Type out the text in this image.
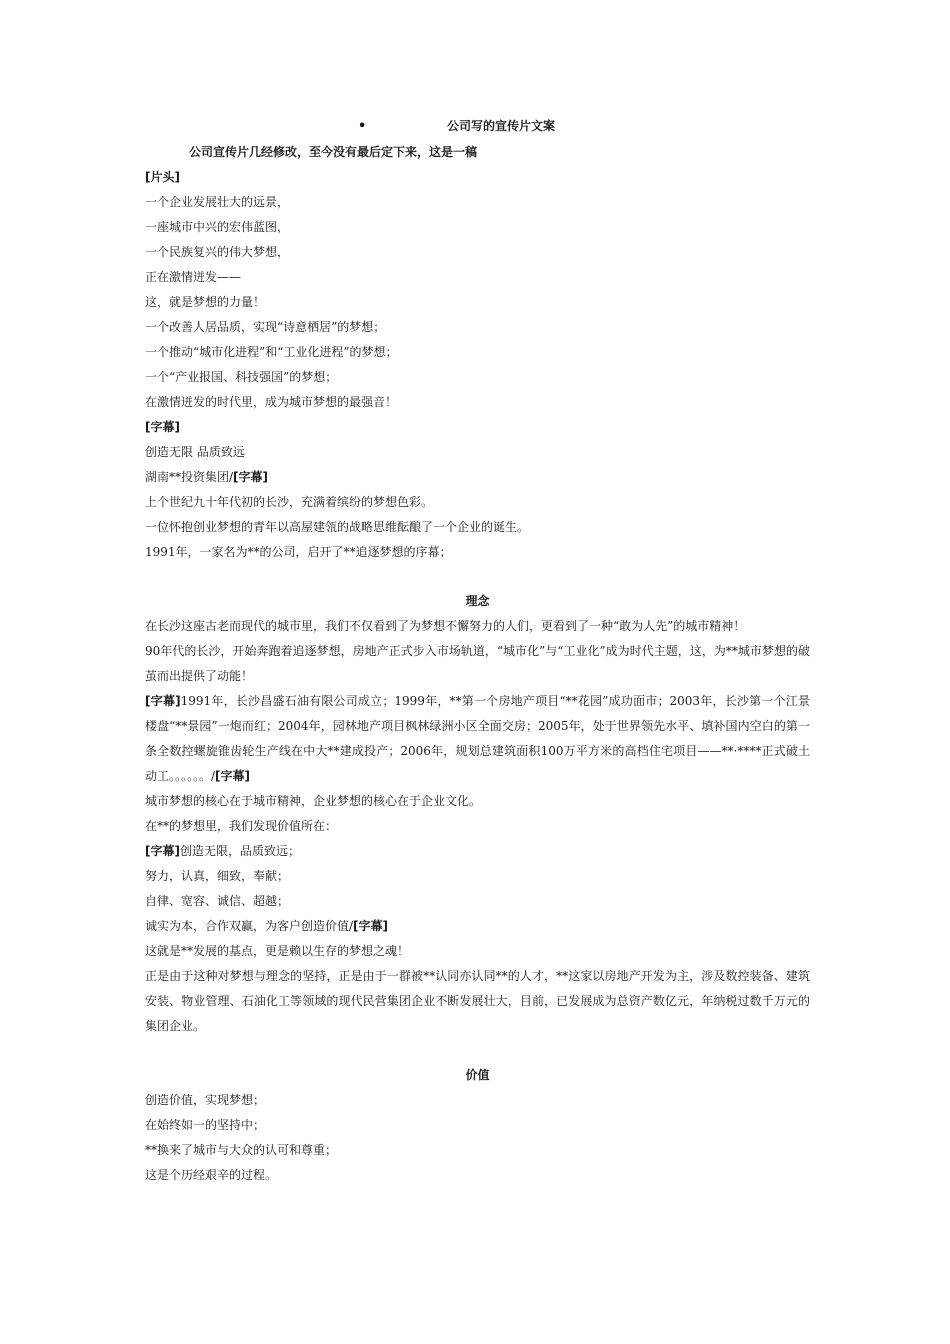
•	公司写的宣传片文案
公司宣传片几经修改，至今没有最后定下来，这是一稿
[片头]
一个企业发展壮大的远景，
一座城市中兴的宏伟蓝图，
一个民族复兴的伟大梦想，
正在激情迸发——
这，就是梦想的力量！
一个改善人居品质，实现“诗意栖居”的梦想；
一个推动“城市化进程”和“工业化进程”的梦想；
一个“产业报国、科技强国”的梦想；
在激情迸发的时代里，成为城市梦想的最强音！
[字幕]
创造无限 品质致远
湖南**投资集团/[字幕]
上个世纪九十年代初的长沙，充满着缤纷的梦想色彩。
一位怀抱创业梦想的青年以高屋建瓴的战略思维酝酿了一个企业的诞生。
1991年，一家名为**的公司，启开了**追逐梦想的序幕；
理念
在长沙这座古老而现代的城市里，我们不仅看到了为梦想不懈努力的人们，更看到了一种“敢为人先”的城市精神！
90年代的长沙，开始奔跑着追逐梦想，房地产正式步入市场轨道，“城市化”与“工业化”成为时代主题，这，为**城市梦想的破茧而出提供了动能！
[字幕]1991年，长沙昌盛石油有限公司成立；1999年，**第一个房地产项目“**花园”成功面市；2003年，长沙第一个江景楼盘“**景园”一炮而红；2004年，园林地产项目枫林绿洲小区全面交房；2005年，处于世界领先水平、填补国内空白的第一条全数控螺旋锥齿轮生产线在中大**建成投产；2006年，规划总建筑面积100万平方米的高档住宅项目——**·****正式破土动工。。。。。。/[字幕]
城市梦想的核心在于城市精神，企业梦想的核心在于企业文化。
在**的梦想里，我们发现价值所在：
[字幕]创造无限，品质致远；
努力，认真，细致，奉献；
自律、宽容、诚信、超越；
诚实为本，合作双赢，为客户创造价值/[字幕]
这就是**发展的基点，更是赖以生存的梦想之魂！
正是由于这种对梦想与理念的坚持，正是由于一群被**认同亦认同**的人才，**这家以房地产开发为主，涉及数控装备、建筑安装、物业管理、石油化工等领域的现代民营集团企业不断发展壮大，目前，已发展成为总资产数亿元，年纳税过数千万元的集团企业。
价值
创造价值，实现梦想；
在始终如一的坚持中；
**换来了城市与大众的认可和尊重；
这是个历经艰辛的过程。
